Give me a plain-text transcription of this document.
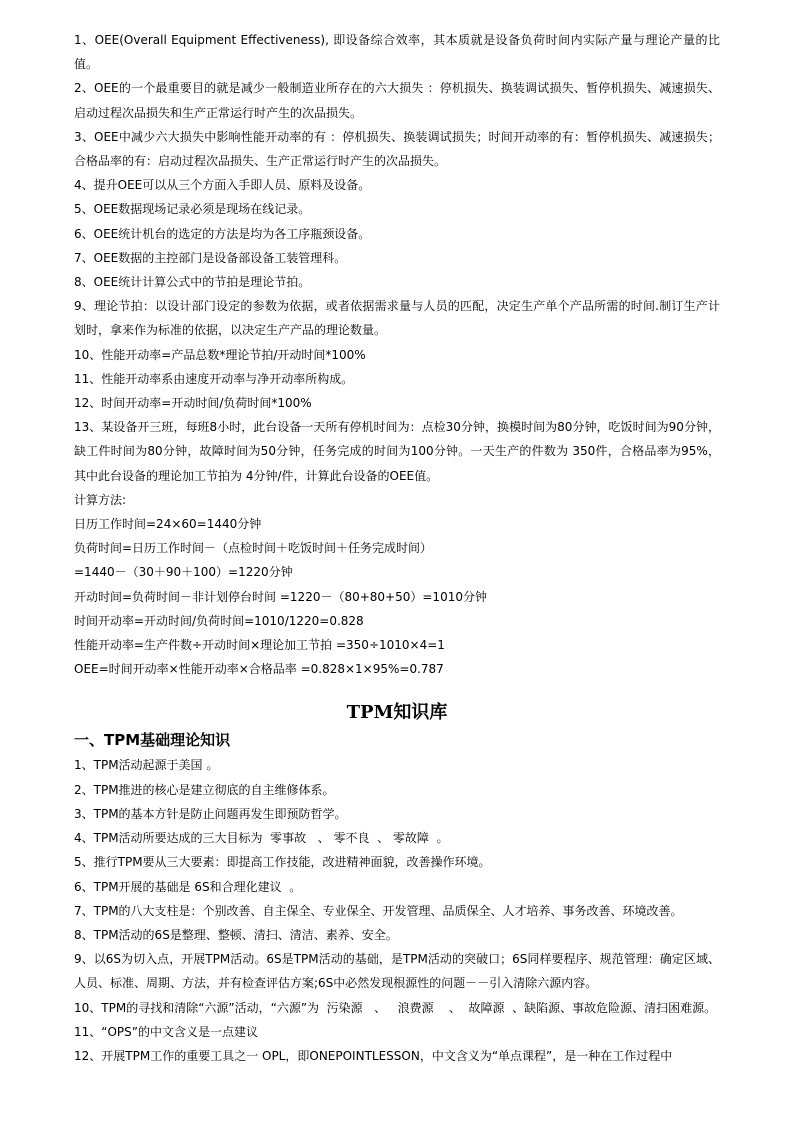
1、OEE(Overall Equipment Effectiveness), 即设备综合效率，其本质就是设备负荷时间内实际产量与理论产量的比值。
2、OEE的一个最重要目的就是减少一般制造业所存在的六大损失 ：停机损失、换装调试损失、暂停机损失、减速损失、启动过程次品损失和生产正常运行时产生的次品损失。
3、OEE中减少六大损失中影响性能开动率的有 ：停机损失、换装调试损失；时间开动率的有：暂停机损失、减速损失；合格品率的有：启动过程次品损失、生产正常运行时产生的次品损失。
4、提升OEE可以从三个方面入手即人员、原料及设备。
5、OEE数据现场记录必须是现场在线记录。
6、OEE统计机台的选定的方法是均为各工序瓶颈设备。
7、OEE数据的主控部门是设备部设备工装管理科。
8、OEE统计计算公式中的节拍是理论节拍。
9、理论节拍：以设计部门设定的参数为依据，或者依据需求量与人员的匹配，决定生产单个产品所需的时间.制订生产计划时，拿来作为标准的依据，以决定生产产品的理论数量。
10、性能开动率=产品总数*理论节拍/开动时间*100%
11、性能开动率系由速度开动率与净开动率所构成。
12、时间开动率=开动时间/负荷时间*100%
13、某设备开三班，每班8小时，此台设备一天所有停机时间为：点检30分钟，换模时间为80分钟，吃饭时间为90分钟，缺工件时间为80分钟，故障时间为50分钟，任务完成的时间为100分钟。一天生产的件数为 350件，合格品率为95%，其中此台设备的理论加工节拍为 4分钟/件，计算此台设备的OEE值。
计算方法:
日历工作时间=24×60=1440分钟
负荷时间=日历工作时间－（点检时间＋吃饭时间＋任务完成时间）
=1440－（30＋90＋100）=1220分钟
开动时间=负荷时间－非计划停台时间 =1220－（80+80+50）=1010分钟
时间开动率=开动时间/负荷时间=1010/1220=0.828
性能开动率=生产件数÷开动时间×理论加工节拍 =350÷1010×4=1
OEE=时间开动率×性能开动率×合格品率 =0.828×1×95%=0.787
TPM知识库
一、TPM基础理论知识
1、TPM活动起源于美国 。
2、TPM推进的核心是建立彻底的自主维修体系。
3、TPM的基本方针是防止问题再发生即预防哲学。
4、TPM活动所要达成的三大目标为  零事故   、 零不良  、 零故障  。
5、推行TPM要从三大要素：即提高工作技能，改进精神面貌，改善操作环境。
6、TPM开展的基础是 6S和合理化建议  。
7、TPM的八大支柱是：个别改善、自主保全、专业保全、开发管理、品质保全、人才培养、事务改善、环境改善。
8、TPM活动的6S是整理、整顿、清扫、清洁、素养、安全。
9、以6S为切入点，开展TPM活动。6S是TPM活动的基础，是TPM活动的突破口；6S同样要程序、规范管理：确定区域、人员、标准、周期、方法，并有检查评估方案;6S中必然发现根源性的问题－－引入清除六源内容。
10、TPM的寻找和清除“六源”活动，“六源”为  污染源   、   浪费源    、  故障源  、缺陷源、事故危险源、清扫困难源。
11、“OPS”的中文含义是一点建议
12、开展TPM工作的重要工具之一 OPL，即ONEPOINTLESSON，中文含义为“单点课程”，是一种在工作过程中
